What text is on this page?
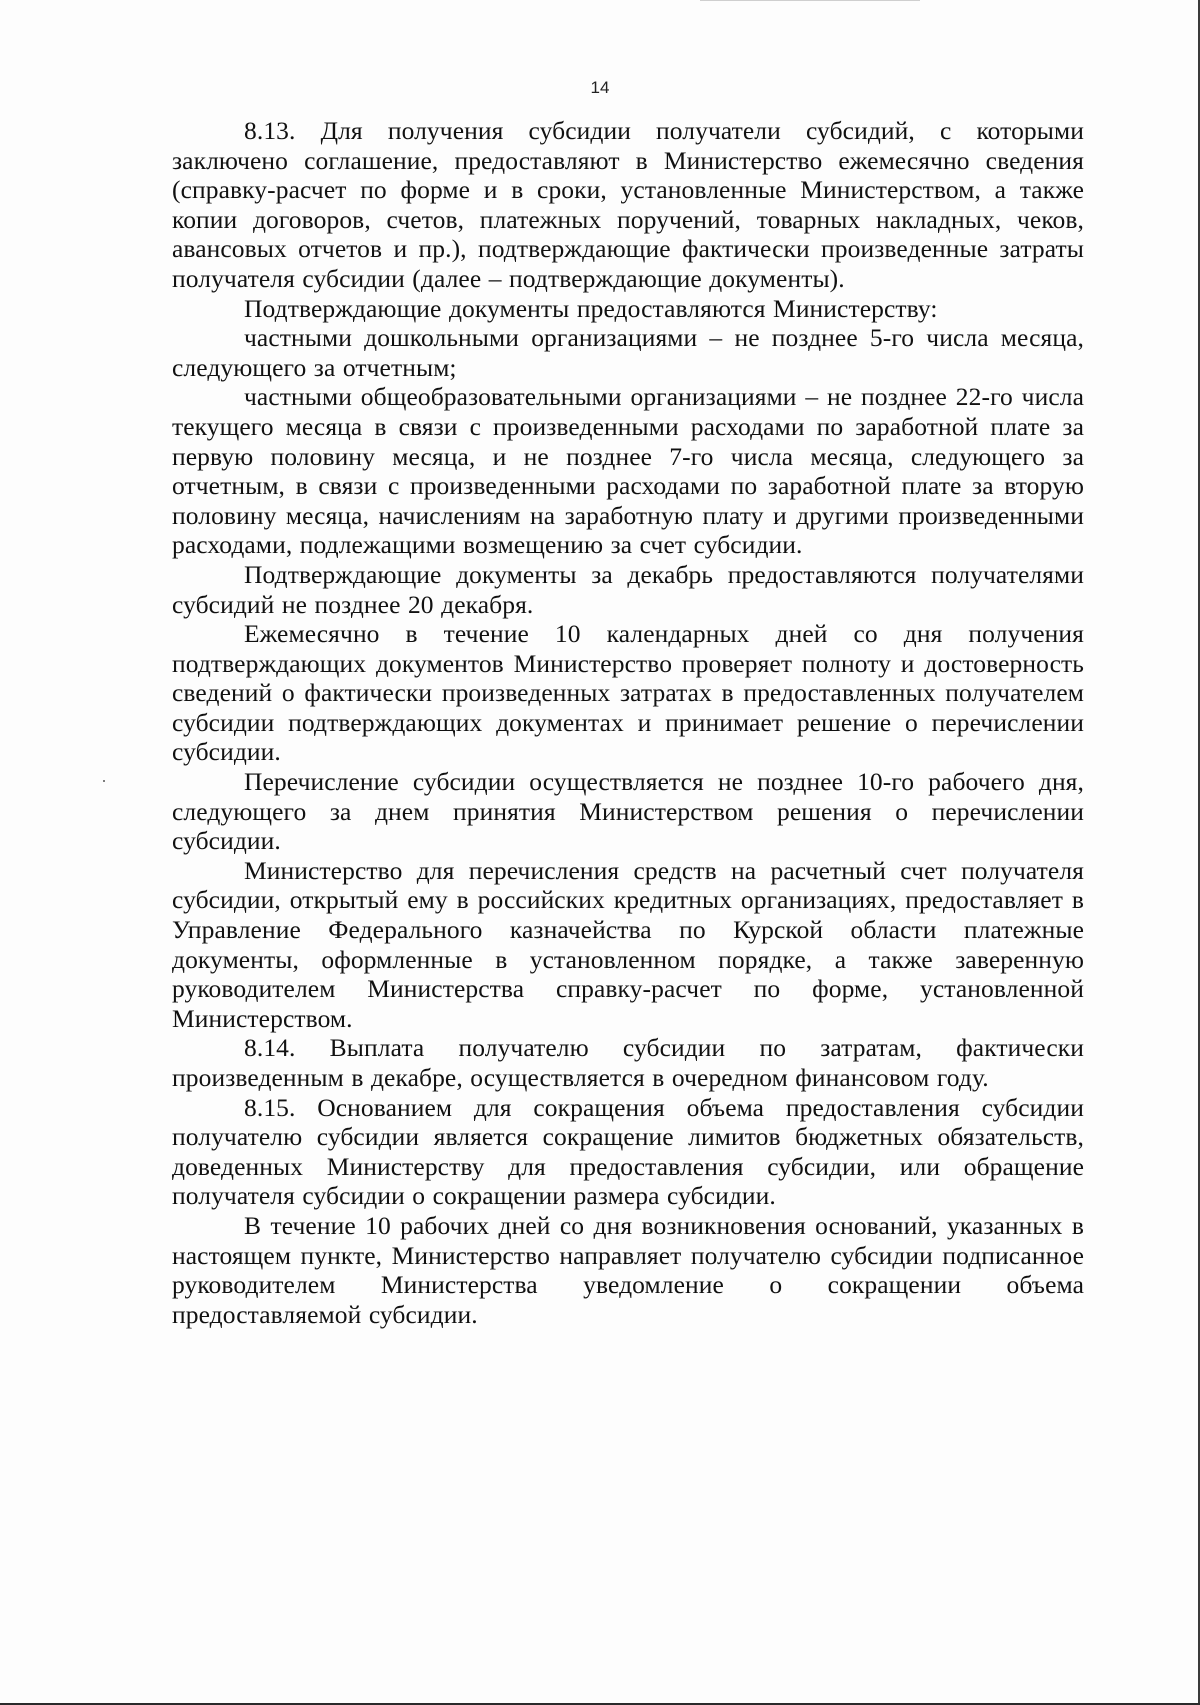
14

8.13. Для получения субсидии получатели субсидий, с которыми заключено соглашение, предоставляют в Министерство ежемесячно сведения (справку-расчет по форме и в сроки, установленные Министерством, а также копии договоров, счетов, платежных поручений, товарных накладных, чеков, авансовых отчетов и пр.), подтверждающие фактически произведенные затраты получателя субсидии (далее – подтверждающие документы).

Подтверждающие документы предоставляются Министерству:

частными дошкольными организациями – не позднее 5-го числа месяца, следующего за отчетным;

частными общеобразовательными организациями – не позднее 22-го числа текущего месяца в связи с произведенными расходами по заработной плате за первую половину месяца, и не позднее 7-го числа месяца, следующего за отчетным, в связи с произведенными расходами по заработной плате за вторую половину месяца, начислениям на заработную плату и другими произведенными расходами, подлежащими возмещению за счет субсидии.

Подтверждающие документы за декабрь предоставляются получателями субсидий не позднее 20 декабря.

Ежемесячно в течение 10 календарных дней со дня получения подтверждающих документов Министерство проверяет полноту и достоверность сведений о фактически произведенных затратах в предоставленных получателем субсидии подтверждающих документах и принимает решение о перечислении субсидии.

Перечисление субсидии осуществляется не позднее 10-го рабочего дня, следующего за днем принятия Министерством решения о перечислении субсидии.

Министерство для перечисления средств на расчетный счет получателя субсидии, открытый ему в российских кредитных организациях, предоставляет в Управление Федерального казначейства по Курской области платежные документы, оформленные в установленном порядке, а также заверенную руководителем Министерства справку-расчет по форме, установленной Министерством.

8.14. Выплата получателю субсидии по затратам, фактически произведенным в декабре, осуществляется в очередном финансовом году.

8.15. Основанием для сокращения объема предоставления субсидии получателю субсидии является сокращение лимитов бюджетных обязательств, доведенных Министерству для предоставления субсидии, или обращение получателя субсидии о сокращении размера субсидии.

В течение 10 рабочих дней со дня возникновения оснований, указанных в настоящем пункте, Министерство направляет получателю субсидии подписанное руководителем Министерства уведомление о сокращении объема предоставляемой субсидии.
